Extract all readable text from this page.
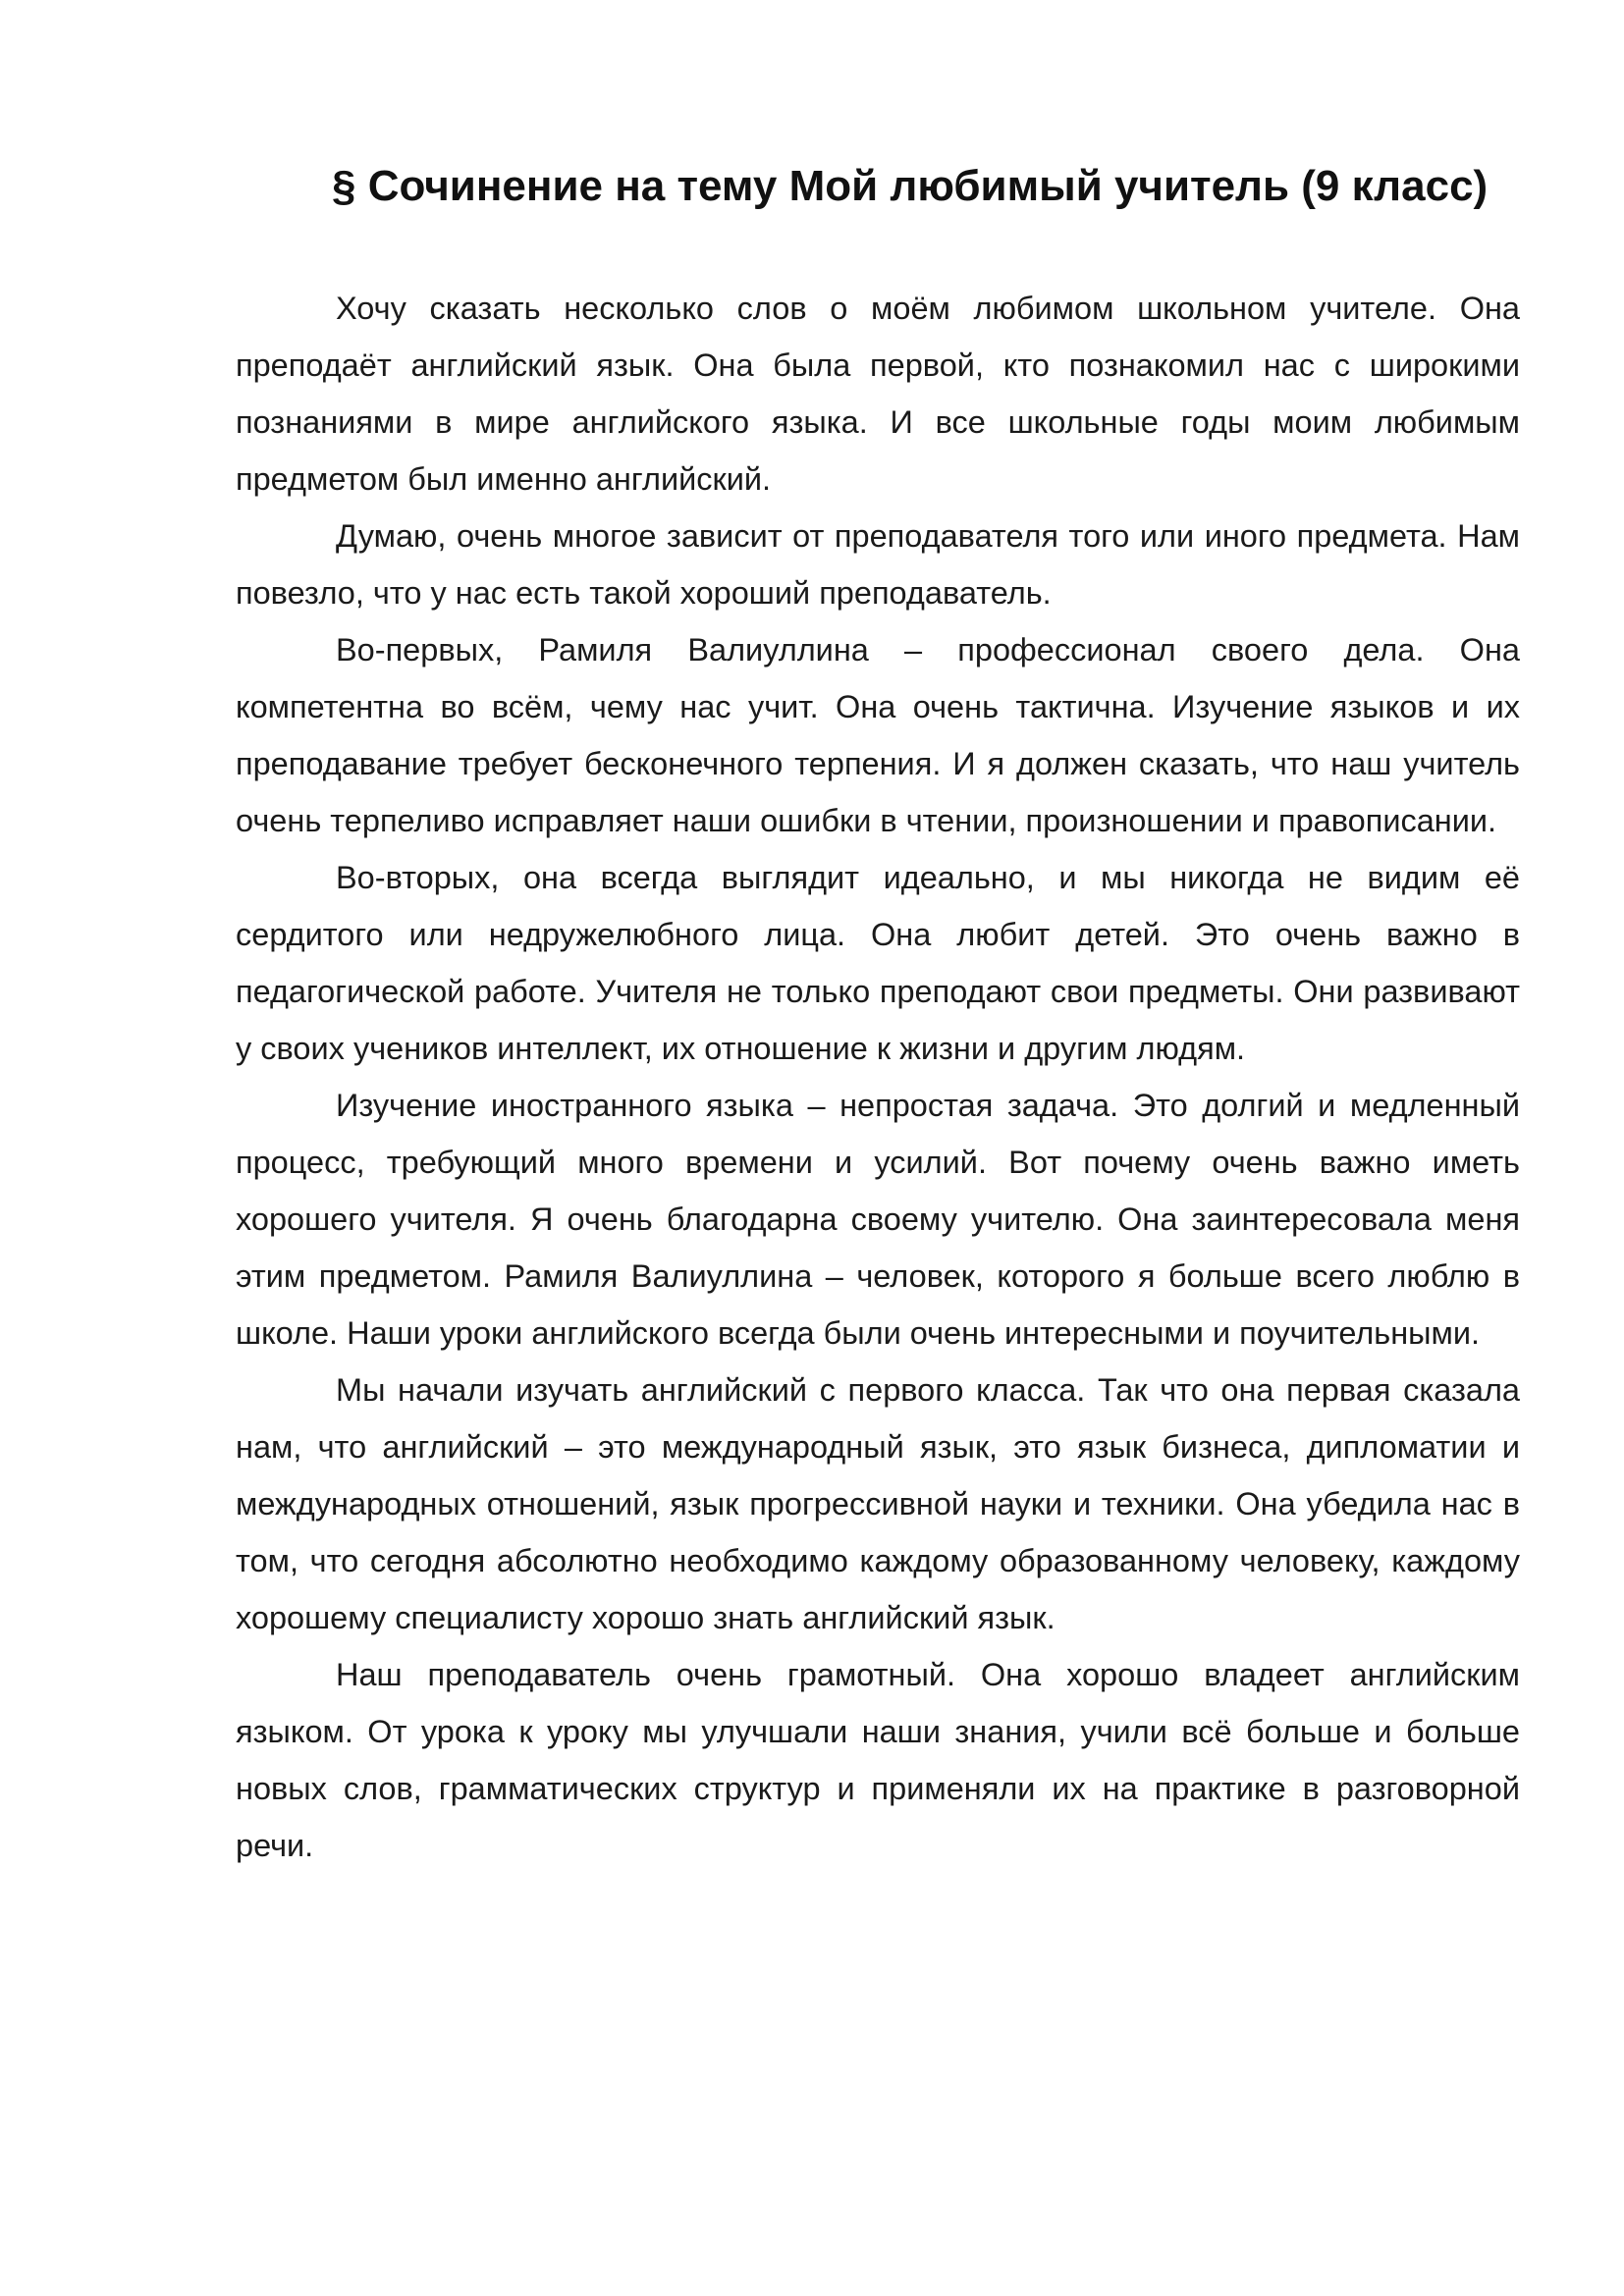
§ Сочинение на тему Мой любимый учитель (9 класс)

Хочу сказать несколько слов о моём любимом школьном учителе. Она преподаёт английский язык. Она была первой, кто познакомил нас с широкими познаниями в мире английского языка. И все школьные годы моим любимым предметом был именно английский.

Думаю, очень многое зависит от преподавателя того или иного предмета. Нам повезло, что у нас есть такой хороший преподаватель.

Во-первых, Рамиля Валиуллина – профессионал своего дела. Она компетентна во всём, чему нас учит. Она очень тактична. Изучение языков и их преподавание требует бесконечного терпения. И я должен сказать, что наш учитель очень терпеливо исправляет наши ошибки в чтении, произношении и правописании.

Во-вторых, она всегда выглядит идеально, и мы никогда не видим её сердитого или недружелюбного лица. Она любит детей. Это очень важно в педагогической работе. Учителя не только преподают свои предметы. Они развивают у своих учеников интеллект, их отношение к жизни и другим людям.

Изучение иностранного языка – непростая задача. Это долгий и медленный процесс, требующий много времени и усилий. Вот почему очень важно иметь хорошего учителя. Я очень благодарна своему учителю. Она заинтересовала меня этим предметом. Рамиля Валиуллина – человек, которого я больше всего люблю в школе. Наши уроки английского всегда были очень интересными и поучительными.

Мы начали изучать английский с первого класса. Так что она первая сказала нам, что английский – это международный язык, это язык бизнеса, дипломатии и международных отношений, язык прогрессивной науки и техники. Она убедила нас в том, что сегодня абсолютно необходимо каждому образованному человеку, каждому хорошему специалисту хорошо знать английский язык.

Наш преподаватель очень грамотный. Она хорошо владеет английским языком. От урока к уроку мы улучшали наши знания, учили всё больше и больше новых слов, грамматических структур и применяли их на практике в разговорной речи.
